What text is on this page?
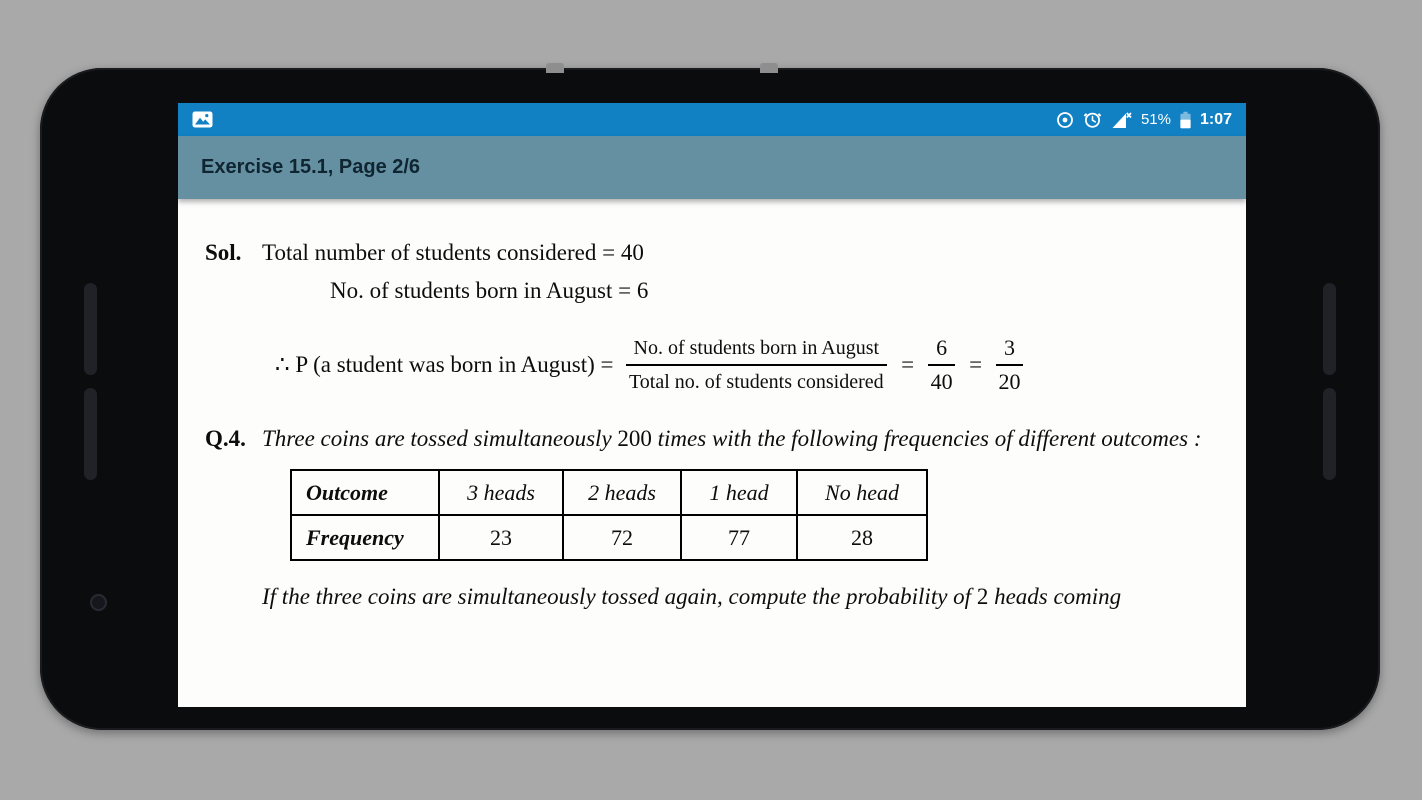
51% 1:07
Exercise 15.1, Page 2/6
Sol. Total number of students considered = 40
No. of students born in August = 6
∴ P (a student was born in August) = $\frac{\text{No. of students born in August}}{\text{Total no. of students considered}} = \frac{6}{40} = \frac{3}{20}$
Q.4. Three coins are tossed simultaneously 200 times with the following frequencies of different outcomes :
Outcome	3 heads	2 heads	1 head	No head
Frequency	23	72	77	28
If the three coins are simultaneously tossed again, compute the probability of 2 heads coming
